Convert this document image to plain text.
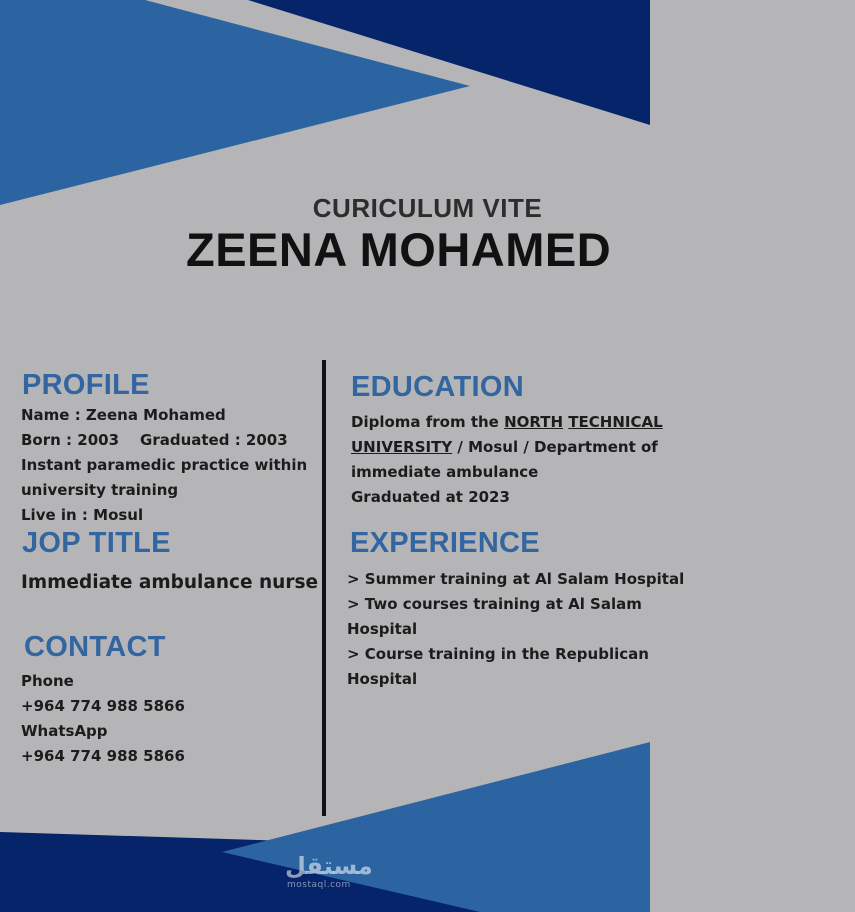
CURICULUM VITE
ZEENA MOHAMED
PROFILE
Name : Zeena Mohamed
Born : 2003 Graduated : 2003
Instant paramedic practice within
university training
Live in : Mosul
JOP TITLE
Immediate ambulance nurse
CONTACT
Phone
+964 774 988 5866
WhatsApp
+964 774 988 5866
EDUCATION
Diploma from the NORTH TECHNICAL
UNIVERSITY / Mosul / Department of
immediate ambulance
Graduated at 2023
EXPERIENCE
> Summer training at Al Salam Hospital
> Two courses training at Al Salam
Hospital
> Course training in the Republican
Hospital
مستقل
mostaql.com
